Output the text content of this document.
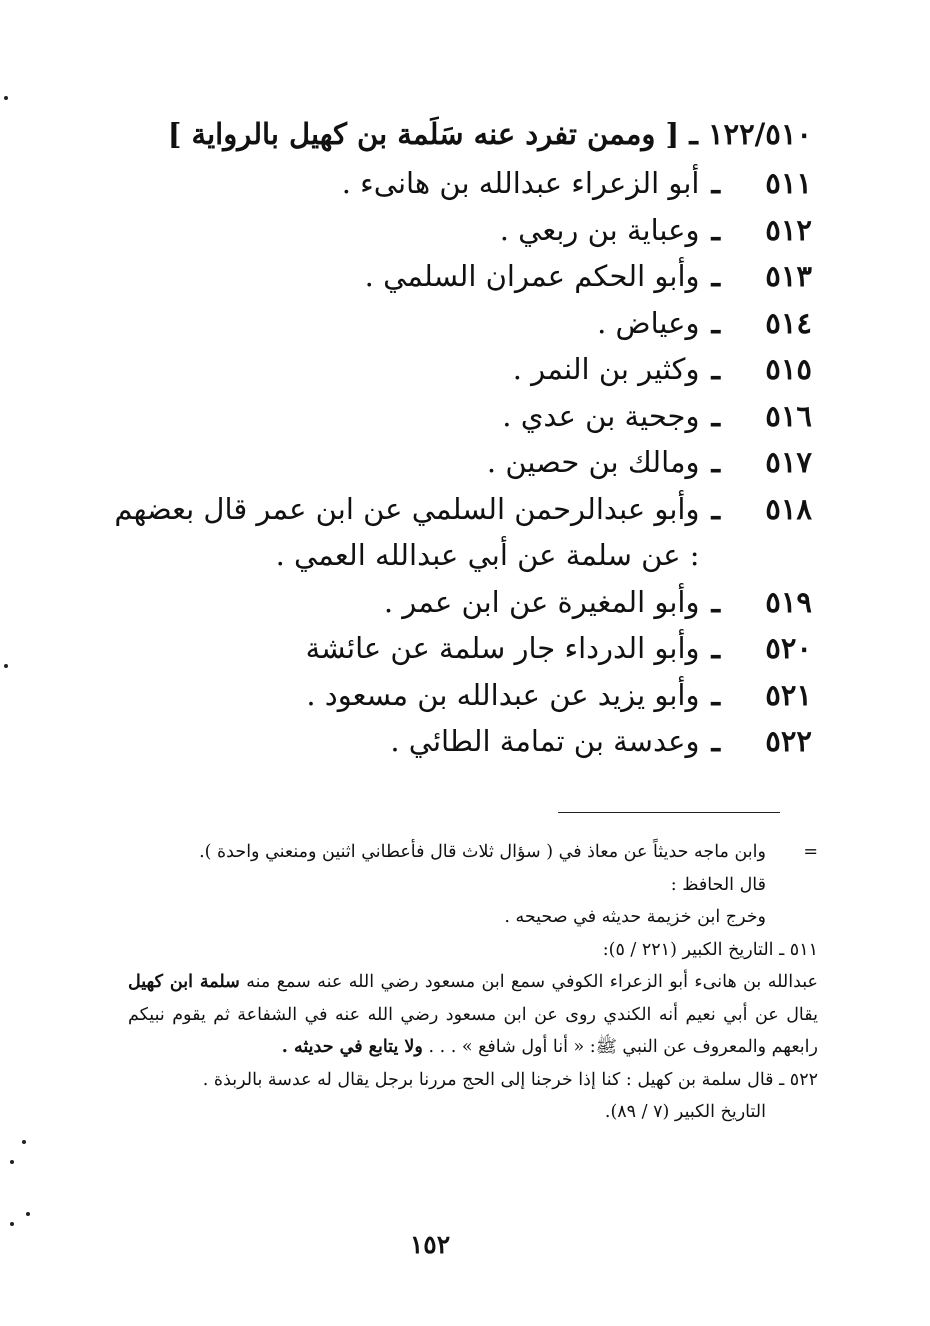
١٢٢/٥١٠ ـ [ وممن تفرد عنه سَلَمة بن كهيل بالرواية ]
٥١١
ـ
أبو الزعراء عبدالله بن هانىء .
٥١٢
ـ
وعباية بن ربعي .
٥١٣
ـ
وأبو الحكم عمران السلمي .
٥١٤
ـ
وعياض .
٥١٥
ـ
وكثير بن النمر .
٥١٦
ـ
وجحية بن عدي .
٥١٧
ـ
ومالك بن حصين .
٥١٨
ـ
وأبو عبدالرحمن السلمي عن ابن عمر قال بعضهم : عن سلمة عن أبي عبدالله العمي .
٥١٩
ـ
وأبو المغيرة عن ابن عمر .
٥٢٠
ـ
وأبو الدرداء جار سلمة عن عائشة
٥٢١
ـ
وأبو يزيد عن عبدالله بن مسعود .
٥٢٢
ـ
وعدسة بن تمامة الطائي .
=وابن ماجه حديثاً عن معاذ في ( سؤال ثلاث قال فأعطاني اثنين ومنعني واحدة ).
قال الحافظ :
وخرج ابن خزيمة حديثه في صحيحه .
٥١١ ـ التاريخ الكبير (٢٢١ / ٥):
عبدالله بن هانىء أبو الزعراء الكوفي سمع ابن مسعود رضي الله عنه سمع منه سلمة ابن كهيل يقال عن أبي نعيم أنه الكندي روى عن ابن مسعود رضي الله عنه في الشفاعة ثم يقوم نبيكم رابعهم والمعروف عن النبي ﷺ: « أنا أول شافع » . . . ولا يتابع في حديثه .
٥٢٢ ـ قال سلمة بن كهيل : كنا إذا خرجنا إلى الحج مررنا برجل يقال له عدسة بالربذة .
التاريخ الكبير (٧ / ٨٩).
١٥٢
